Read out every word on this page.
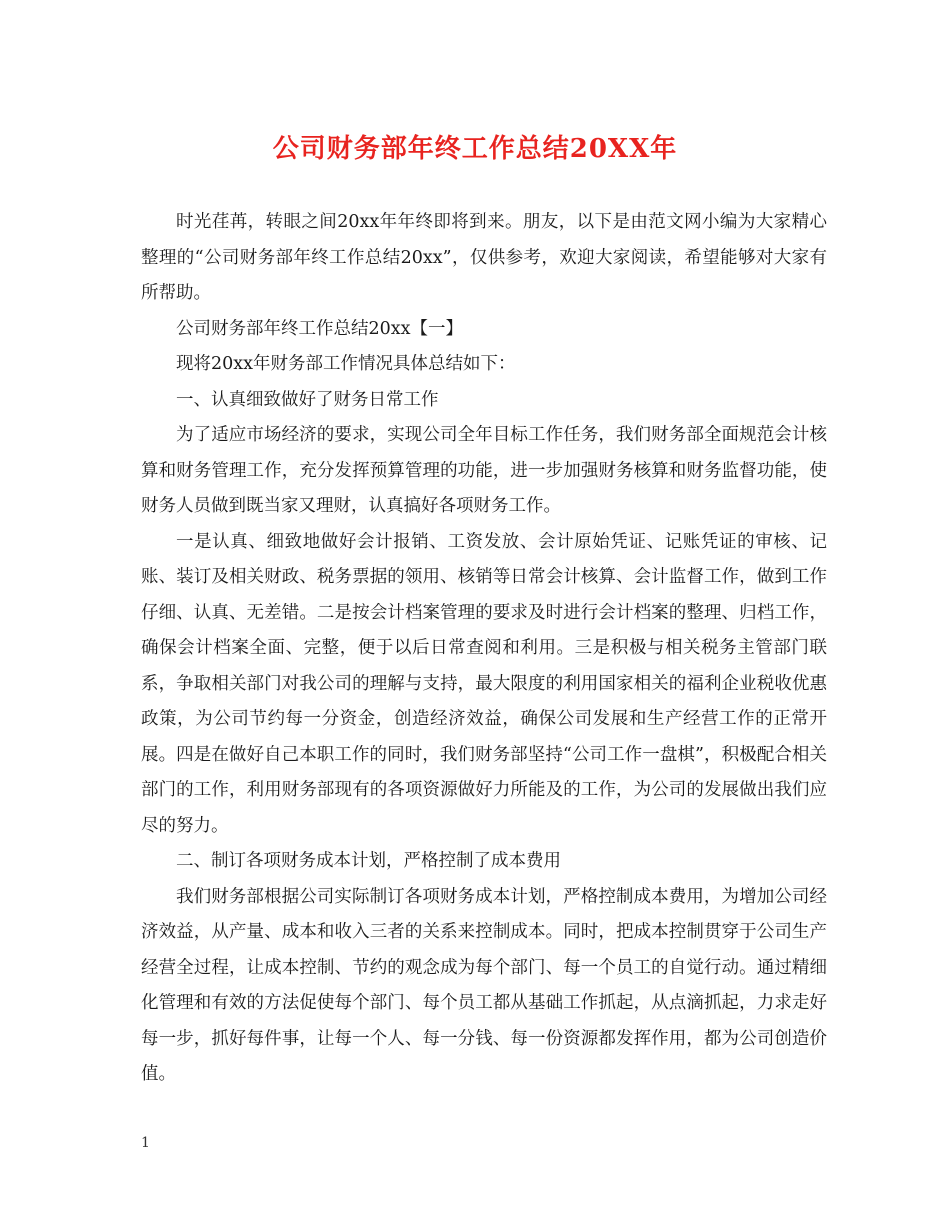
公司财务部年终工作总结20XX年

时光荏苒，转眼之间20xx年年终即将到来。朋友，以下是由范文网小编为大家精心整理的“公司财务部年终工作总结20xx”，仅供参考，欢迎大家阅读，希望能够对大家有所帮助。

公司财务部年终工作总结20xx【一】

现将20xx年财务部工作情况具体总结如下：

一、认真细致做好了财务日常工作

为了适应市场经济的要求，实现公司全年目标工作任务，我们财务部全面规范会计核算和财务管理工作，充分发挥预算管理的功能，进一步加强财务核算和财务监督功能，使财务人员做到既当家又理财，认真搞好各项财务工作。

一是认真、细致地做好会计报销、工资发放、会计原始凭证、记账凭证的审核、记账、装订及相关财政、税务票据的领用、核销等日常会计核算、会计监督工作，做到工作仔细、认真、无差错。二是按会计档案管理的要求及时进行会计档案的整理、归档工作，确保会计档案全面、完整，便于以后日常查阅和利用。三是积极与相关税务主管部门联系，争取相关部门对我公司的理解与支持，最大限度的利用国家相关的福利企业税收优惠政策，为公司节约每一分资金，创造经济效益，确保公司发展和生产经营工作的正常开展。四是在做好自己本职工作的同时，我们财务部坚持“公司工作一盘棋”，积极配合相关部门的工作，利用财务部现有的各项资源做好力所能及的工作，为公司的发展做出我们应尽的努力。

二、制订各项财务成本计划，严格控制了成本费用

我们财务部根据公司实际制订各项财务成本计划，严格控制成本费用，为增加公司经济效益，从产量、成本和收入三者的关系来控制成本。同时，把成本控制贯穿于公司生产经营全过程，让成本控制、节约的观念成为每个部门、每一个员工的自觉行动。通过精细化管理和有效的方法促使每个部门、每个员工都从基础工作抓起，从点滴抓起，力求走好每一步，抓好每件事，让每一个人、每一分钱、每一份资源都发挥作用，都为公司创造价值。

1
